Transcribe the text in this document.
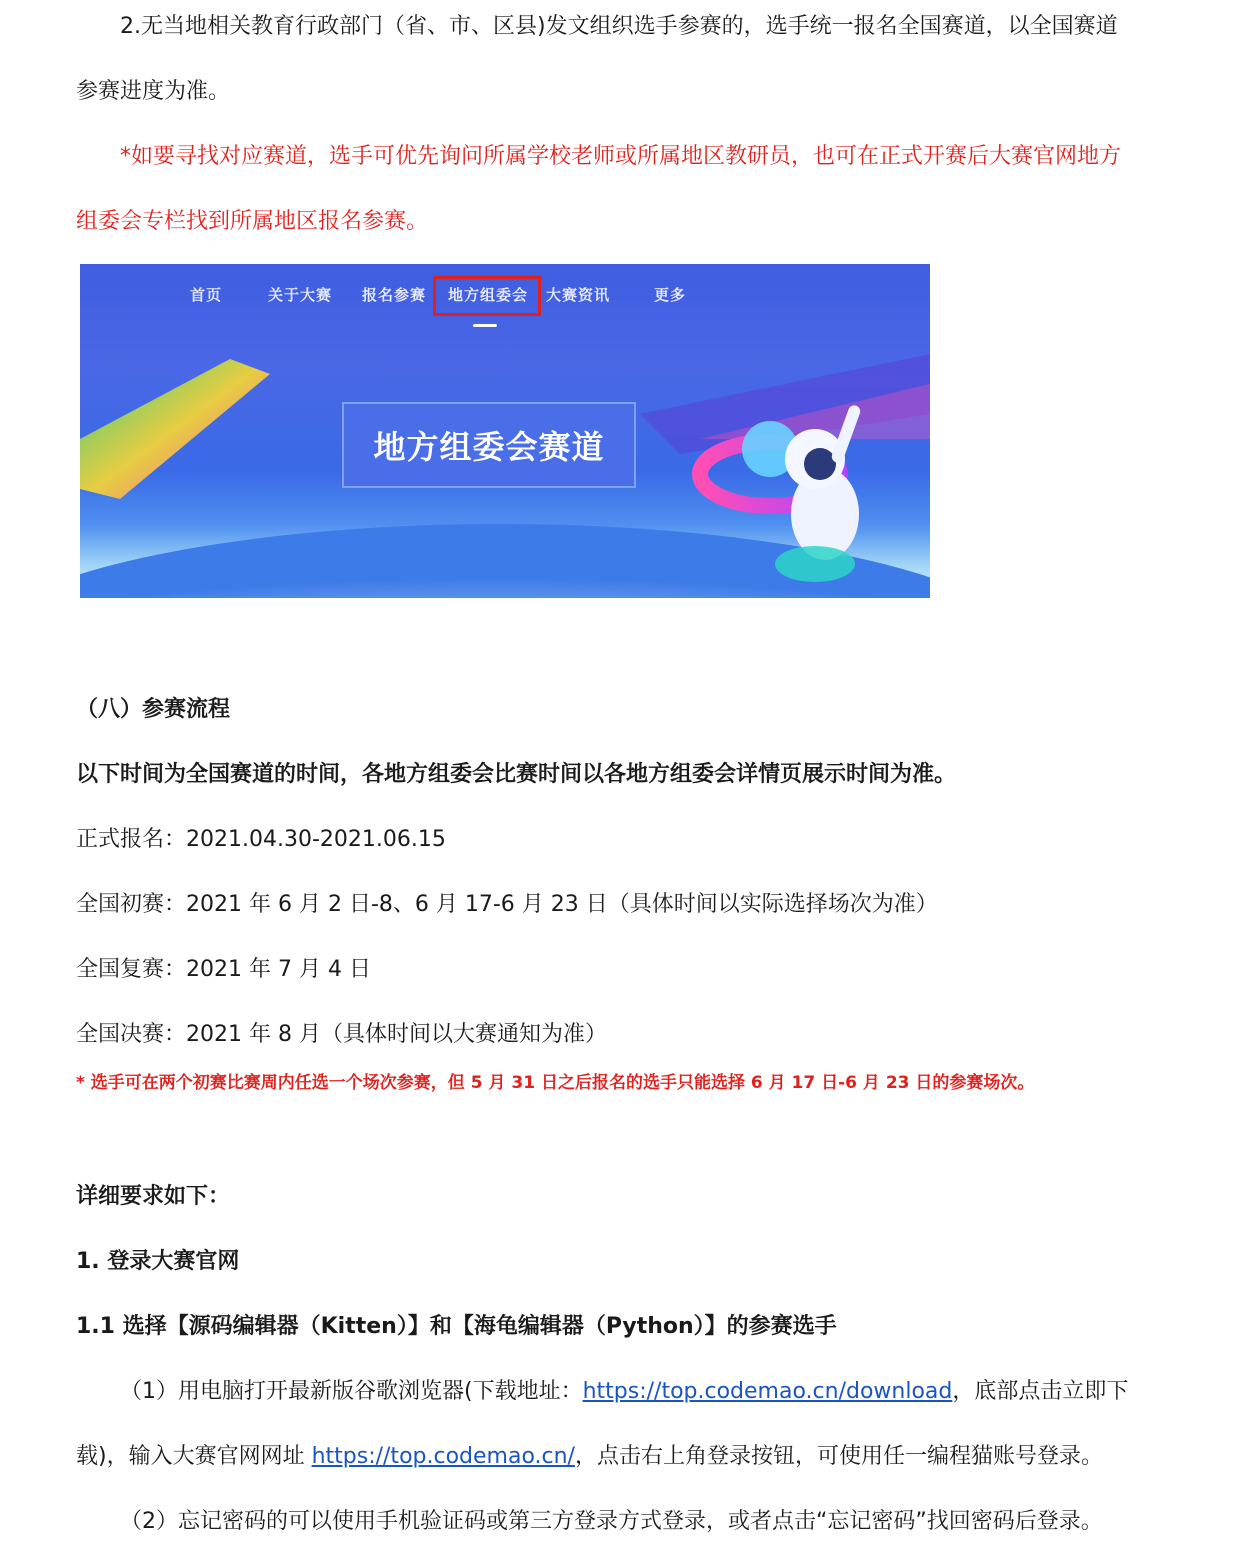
2.无当地相关教育行政部门（省、市、区县)发文组织选手参赛的，选手统一报名全国赛道，以全国赛道
参赛进度为准。
*如要寻找对应赛道，选手可优先询问所属学校老师或所属地区教研员，也可在正式开赛后大赛官网地方
组委会专栏找到所属地区报名参赛。
首页	关于大赛 报名参赛 地方组委会 大赛资讯	更多
地方组委会赛道
（八）参赛流程
以下时间为全国赛道的时间，各地方组委会比赛时间以各地方组委会详情页展示时间为准。
正式报名：2021.04.30-2021.06.15
全国初赛：2021 年 6 月 2 日-8、6 月 17-6 月 23 日（具体时间以实际选择场次为准）
全国复赛：2021 年 7 月 4 日
全国决赛：2021 年 8 月（具体时间以大赛通知为准）
* 选手可在两个初赛比赛周内任选一个场次参赛，但 5 月 31 日之后报名的选手只能选择 6 月 17 日-6 月 23 日的参赛场次。
详细要求如下：
1. 登录大赛官网
1.1 选择【源码编辑器（Kitten）】和【海龟编辑器（Python）】的参赛选手
（1）用电脑打开最新版谷歌浏览器(下载地址：https://top.codemao.cn/download，底部点击立即下
载)，输入大赛官网网址 https://top.codemao.cn/，点击右上角登录按钮，可使用任一编程猫账号登录。
（2）忘记密码的可以使用手机验证码或第三方登录方式登录，或者点击“忘记密码”找回密码后登录。
